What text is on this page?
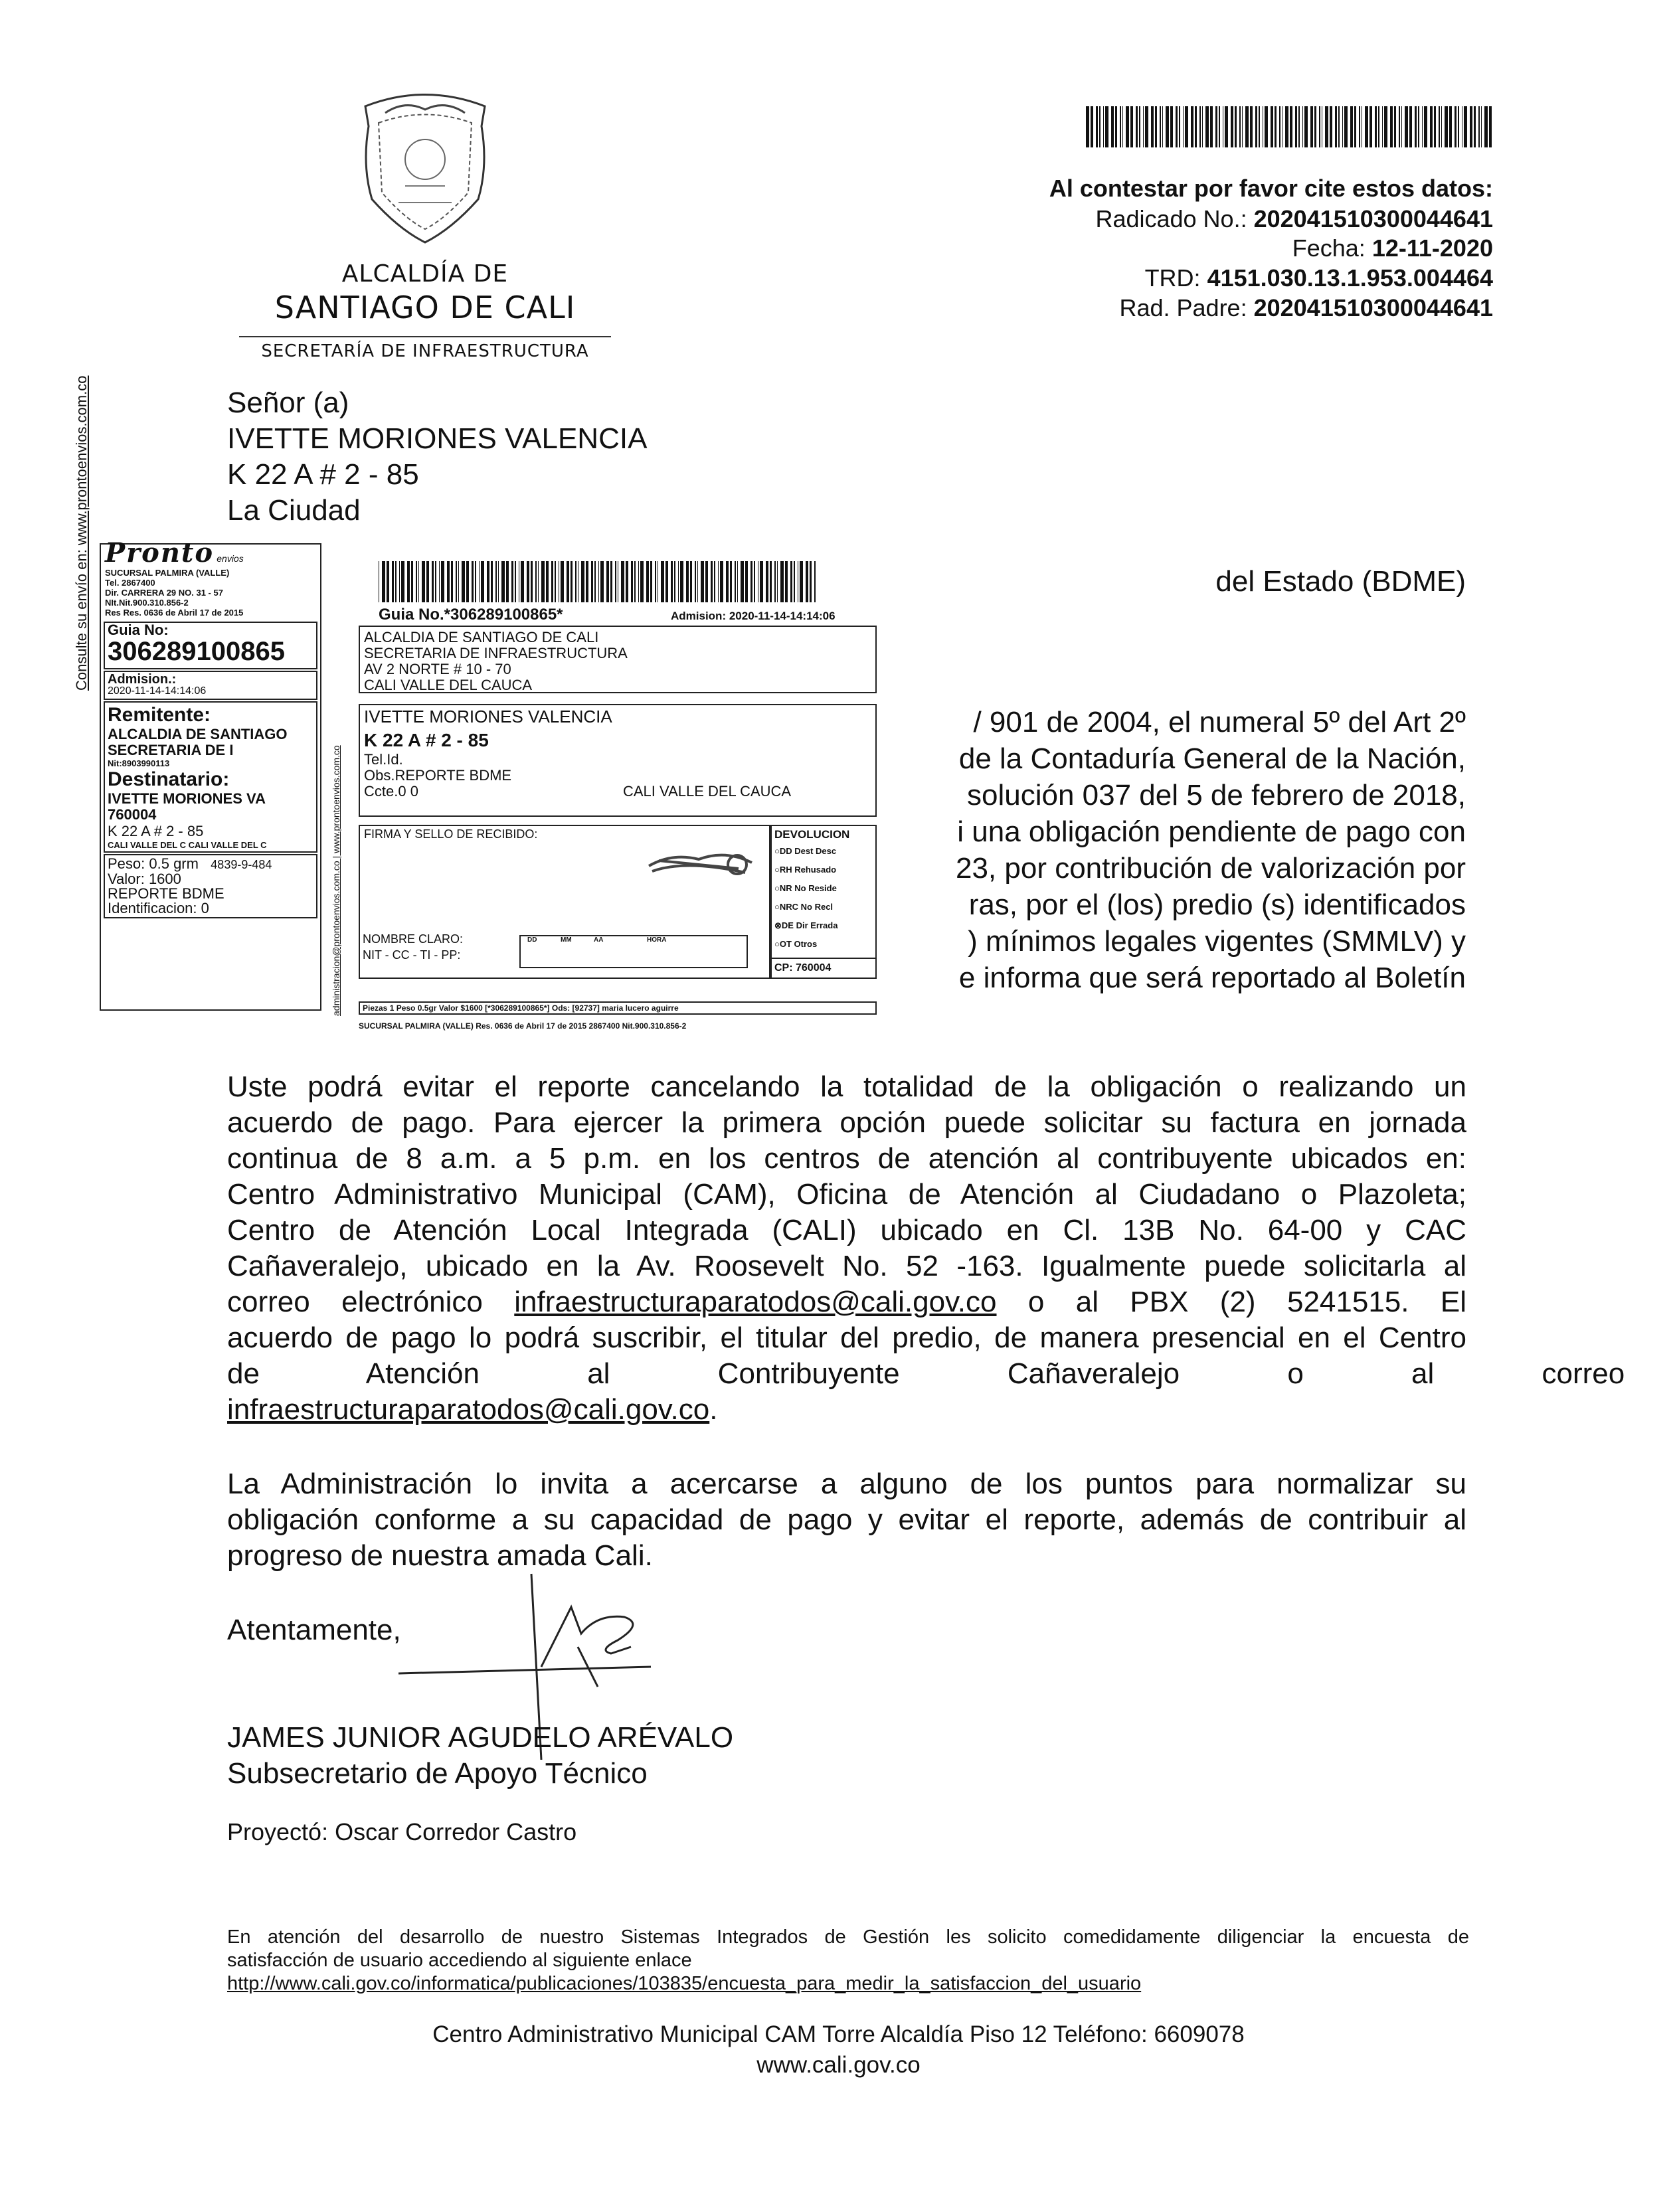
ALCALDÍA DE
SANTIAGO DE CALI
SECRETARÍA DE INFRAESTRUCTURA
Al contestar por favor cite estos datos:
Radicado No.: 202041510300044641
Fecha: 12-11-2020
TRD: 4151.030.13.1.953.004464
Rad. Padre: 202041510300044641
Señor (a)
IVETTE MORIONES VALENCIA
K 22 A # 2 - 85
La Ciudad
del Estado (BDME)
/ 901 de 2004, el numeral 5º del Art 2º
de la Contaduría General de la Nación,
solución 037 del 5 de febrero de 2018,
i una obligación pendiente de pago con
23, por contribución de valorización por
ras, por el (los) predio (s) identificados
) mínimos legales vigentes (SMMLV) y
e informa que será reportado al Boletín
Pronto envios
SUCURSAL PALMIRA (VALLE)
Tel. 2867400
Dir. CARRERA 29 NO. 31 - 57
NIt.Nit.900.310.856-2
Res Res. 0636 de Abril 17 de 2015
Guia No:
306289100865
Admision.:
2020-11-14-14:14:06
Remitente:
ALCALDIA DE SANTIAGO SECRETARIA DE I
Nit:8903990113
Destinatario:
IVETTE MORIONES VA
760004
K 22 A # 2 - 85
CALI VALLE DEL C CALI VALLE DEL C
Peso: 0.5 grm 4839-9-484
Valor: 1600
REPORTE BDME
Identificacion: 0
Consulte su envío en: www.prontoenvios.com.co
administracion@prontoenvios.com.co | www.prontoenvios.com.co
Guia No.*306289100865*	Admision: 2020-11-14-14:14:06
ALCALDIA DE SANTIAGO DE CALI
SECRETARIA DE INFRAESTRUCTURA
AV 2 NORTE # 10 - 70
CALI VALLE DEL CAUCA
IVETTE MORIONES VALENCIA
K 22 A # 2 - 85
Tel.Id.
Obs.REPORTE BDME
Ccte.0 0	CALI VALLE DEL CAUCA
FIRMA Y SELLO DE RECIBIDO:
NOMBRE CLARO:
NIT - CC - TI - PP:
DD	MM	AA	HORA
DEVOLUCION
○DD Dest Desc
○RH Rehusado
○NR No Reside
○NRC No Recl
⊗DE Dir Errada
○OT Otros
CP: 760004
Piezas 1 Peso 0.5gr Valor $1600 [*306289100865*] Ods: [92737] maria lucero aguirre
SUCURSAL PALMIRA (VALLE) Res. 0636 de Abril 17 de 2015 2867400 Nit.900.310.856-2
Uste podrá evitar el reporte cancelando la totalidad de la obligación o realizando un
acuerdo de pago. Para ejercer la primera opción puede solicitar su factura en jornada
continua de 8 a.m. a 5 p.m. en los centros de atención al contribuyente ubicados en:
Centro Administrativo Municipal (CAM), Oficina de Atención al Ciudadano o Plazoleta;
Centro de Atención Local Integrada (CALI) ubicado en Cl. 13B No. 64-00 y CAC
Cañaveralejo, ubicado en la Av. Roosevelt No. 52 -163. Igualmente puede solicitarla al
correo electrónico infraestructuraparatodos@cali.gov.co o al PBX (2) 5241515. El
acuerdo de pago lo podrá suscribir, el titular del predio, de manera presencial en el Centro
de Atención al Contribuyente Cañaveralejo o al correo
infraestructuraparatodos@cali.gov.co.
La Administración lo invita a acercarse a alguno de los puntos para normalizar su
obligación conforme a su capacidad de pago y evitar el reporte, además de contribuir al
progreso de nuestra amada Cali.
Atentamente,
JAMES JUNIOR AGUDELO ARÉVALO
Subsecretario de Apoyo Técnico
Proyectó: Oscar Corredor Castro
En atención del desarrollo de nuestro Sistemas Integrados de Gestión les solicito comedidamente diligenciar la encuesta de
satisfacción de usuario accediendo al siguiente enlace
http://www.cali.gov.co/informatica/publicaciones/103835/encuesta_para_medir_la_satisfaccion_del_usuario
Centro Administrativo Municipal CAM Torre Alcaldía Piso 12 Teléfono: 6609078
www.cali.gov.co
